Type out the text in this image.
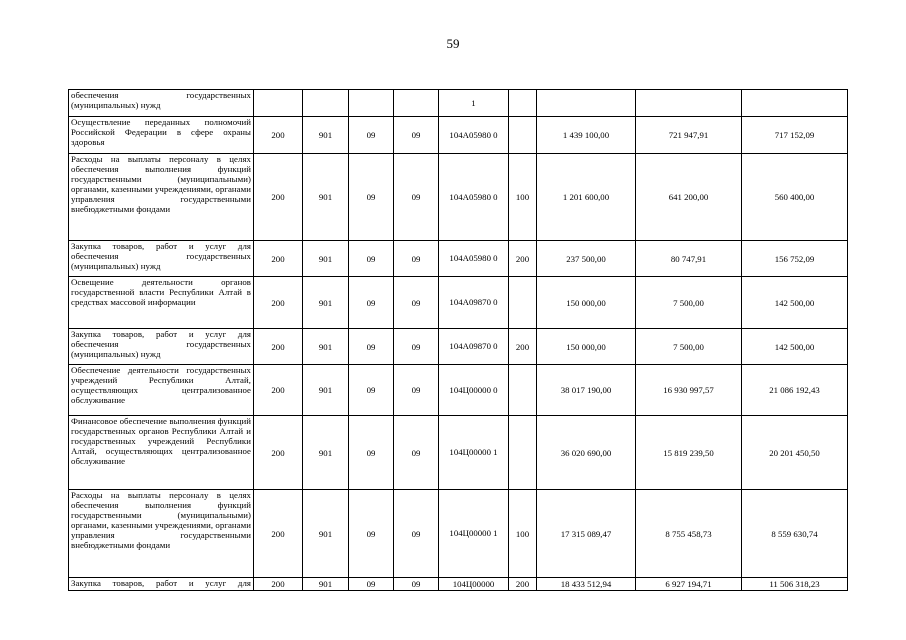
59
обеспечения государственных (муниципальных) нужд					1				
Осуществление переданных полномочий Российской Федерации в сфере охраны здоровья	200	901	09	09	104А05980 0		1 439 100,00	721 947,91	717 152,09
Расходы на выплаты персоналу в целях обеспечения выполнения функций государственными (муниципальными) органами, казенными учреждениями, органами управления государственными внебюджетными фондами	200	901	09	09	104А05980 0	100	1 201 600,00	641 200,00	560 400,00
Закупка товаров, работ и услуг для обеспечения государственных (муниципальных) нужд	200	901	09	09	104А05980 0	200	237 500,00	80 747,91	156 752,09
Освещение деятельности органов государственной власти Республики Алтай в средствах массовой информации	200	901	09	09	104А09870 0		150 000,00	7 500,00	142 500,00
Закупка товаров, работ и услуг для обеспечения государственных (муниципальных) нужд	200	901	09	09	104А09870 0	200	150 000,00	7 500,00	142 500,00
Обеспечение деятельности государственных учреждений Республики Алтай, осуществляющих централизованное обслуживание	200	901	09	09	104Ц00000 0		38 017 190,00	16 930 997,57	21 086 192,43
Финансовое обеспечение выполнения функций государственных органов Республики Алтай и государственных учреждений Республики Алтай, осуществляющих централизованное обслуживание	200	901	09	09	104Ц00000 1		36 020 690,00	15 819 239,50	20 201 450,50
Расходы на выплаты персоналу в целях обеспечения выполнения функций государственными (муниципальными) органами, казенными учреждениями, органами управления государственными внебюджетными фондами	200	901	09	09	104Ц00000 1	100	17 315 089,47	8 755 458,73	8 559 630,74
Закупка товаров, работ и услуг для	200	901	09	09	104Ц00000	200	18 433 512,94	6 927 194,71	11 506 318,23
